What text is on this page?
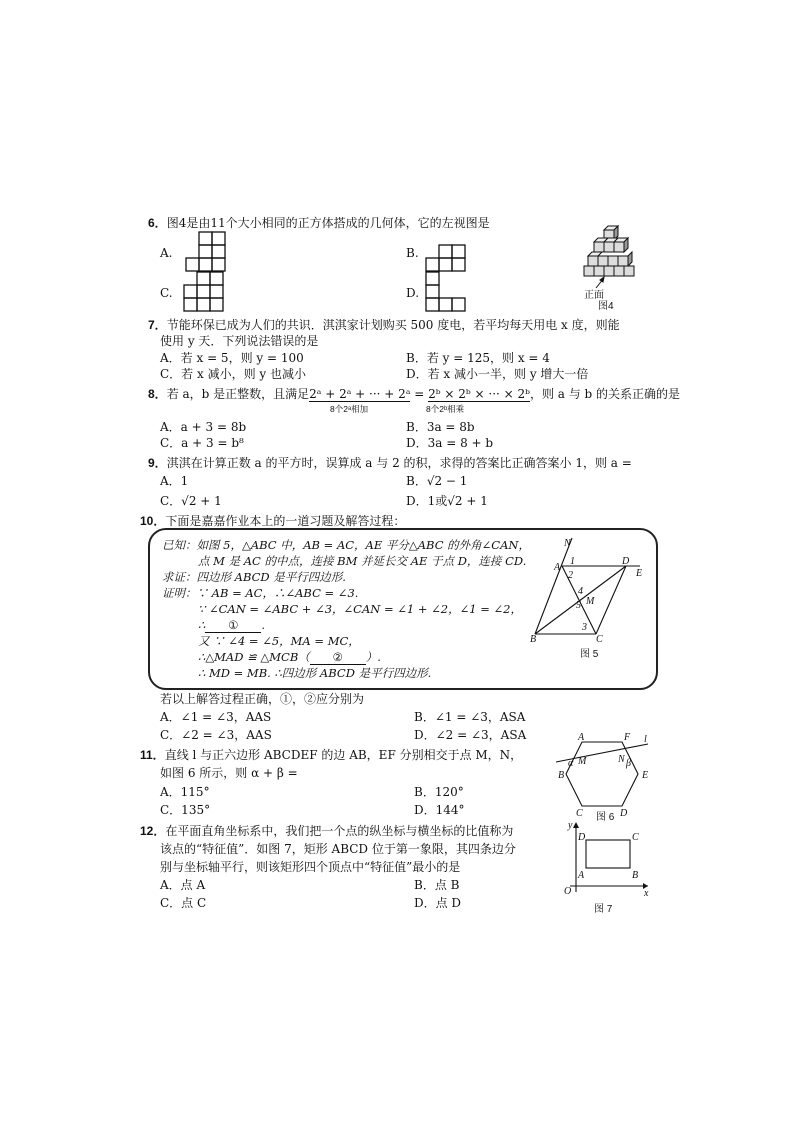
6．图4是由11个大小相同的正方体搭成的几何体，它的左视图是
A.	B.
C.	D.	正面
图4
7．节能环保已成为人们的共识．淇淇家计划购买 500 度电，若平均每天用电 x 度，则能
使用 y 天．下列说法错误的是
A．若 x = 5，则 y = 100	B．若 y = 125，则 x = 4
C．若 x 减小，则 y 也减小	D．若 x 减小一半，则 y 增大一倍
8．若 a，b 是正整数，且满足2ᵃ + 2ᵃ + ··· + 2ᵃ = 2ᵇ × 2ᵇ × ··· × 2ᵇ，则 a 与 b 的关系正确的是
8个2ᵃ相加	8个2ᵇ相乘
A．a + 3 = 8b	B．3a = 8b
C．a + 3 = b⁸	D．3a = 8 + b
9．淇淇在计算正数 a 的平方时，误算成 a 与 2 的积，求得的答案比正确答案小 1，则 a =
A．1	B．√2 − 1
C．√2 + 1	D．1或√2 + 1
10．下面是嘉嘉作业本上的一道习题及解答过程：
已知：如图 5，△ABC 中，AB = AC，AE 平分△ABC 的外角∠CAN，
点 M 是 AC 的中点，连接 BM 并延长交 AE 于点 D，连接 CD.
求证：四边形 ABCD 是平行四边形.
证明：∵ AB = AC，∴∠ABC = ∠3.
∵ ∠CAN = ∠ABC + ∠3，∠CAN = ∠1 + ∠2，∠1 = ∠2，
∴ ① .
又 ∵ ∠4 = ∠5，MA = MC，
∴△MAD ≌ △MCB（ ② ）.
∴ MD = MB. ∴四边形 ABCD 是平行四边形.
N
A
1
2
D
E
4
M
5
3
B	C
图 5
若以上解答过程正确，①，②应分别为
A．∠1 = ∠3，AAS	B．∠1 = ∠3，ASA
C．∠2 = ∠3，AAS	D．∠2 = ∠3，ASA
11．直线 l 与正六边形 ABCDEF 的边 AB，EF 分别相交于点 M，N，
如图 6 所示，则 α + β =
A．115°	B．120°
C．135°	D．144°
A	F l
B
α M	N β
E
C	D
图 6
12．在平面直角坐标系中，我们把一个点的纵坐标与横坐标的比值称为
该点的“特征值”．如图 7，矩形 ABCD 位于第一象限，其四条边分
别与坐标轴平行，则该矩形四个顶点中“特征值”最小的是
A．点 A	B．点 B
C．点 C	D．点 D
y
x
O
D	C
A	B
图 7
